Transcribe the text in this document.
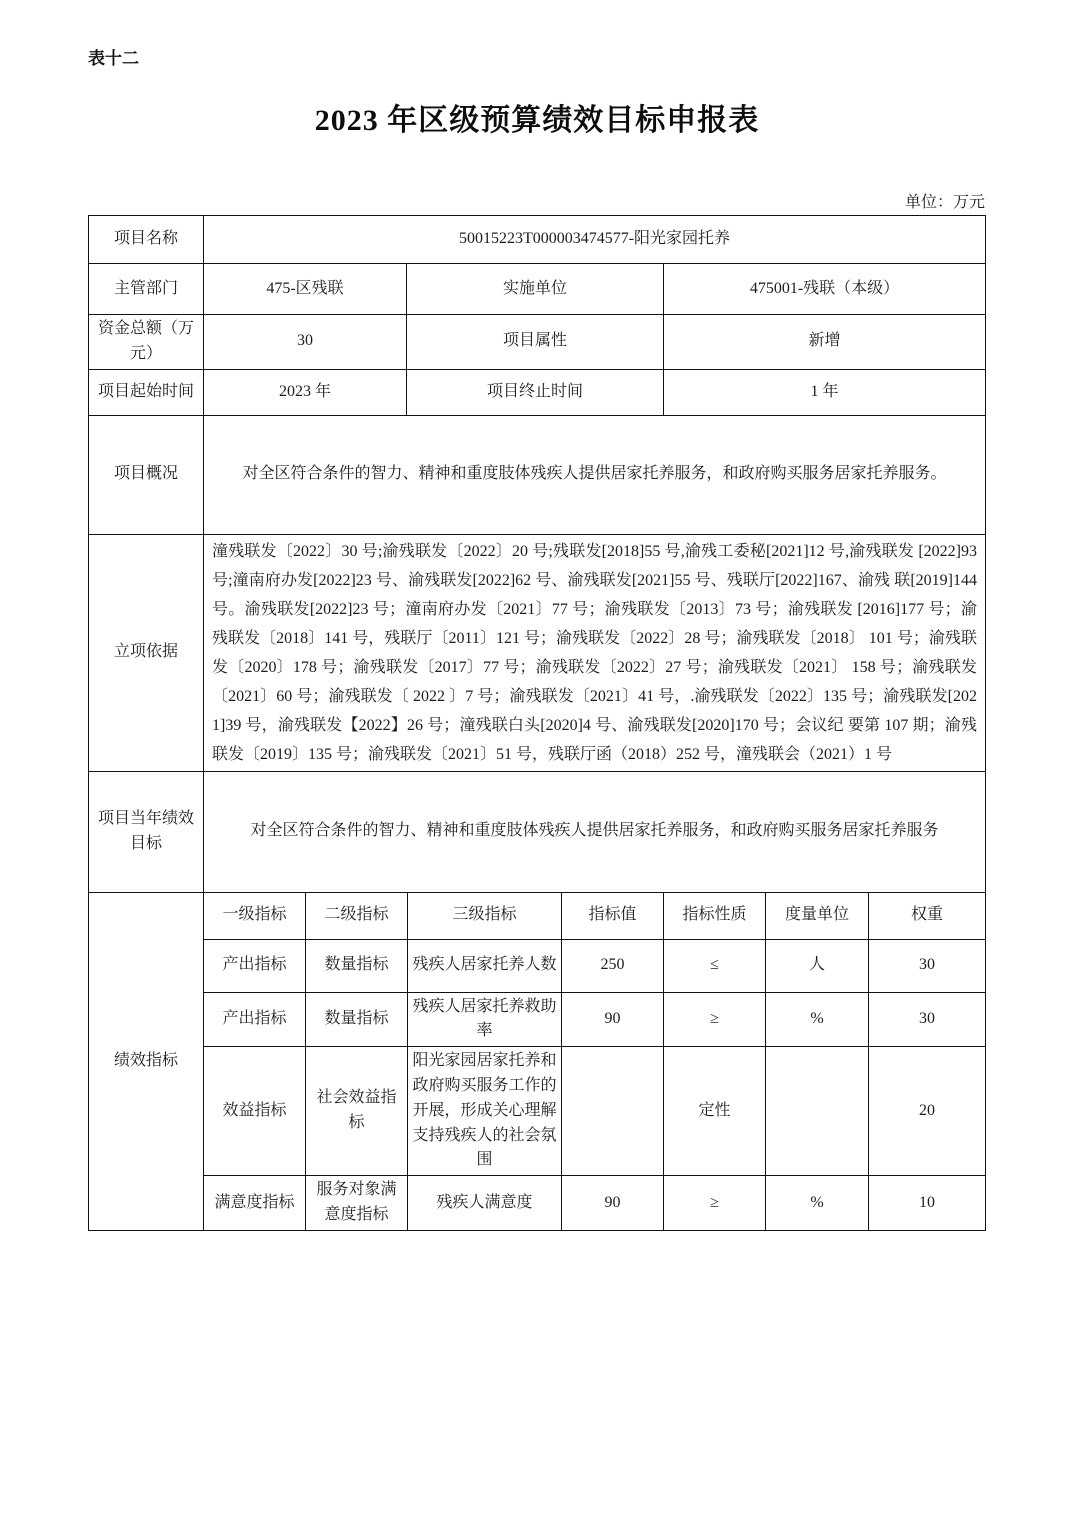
表十二
2023 年区级预算绩效目标申报表
单位：万元
项目名称	50015223T000003474577-阳光家园托养		
主管部门	475-区残联	实施单位	475001-残联（本级）
资金总额（万元）	30	项目属性	新增
项目起始时间	2023 年	项目终止时间	1 年
项目概况	对全区符合条件的智力、精神和重度肢体残疾人提供居家托养服务，和政府购买服务居家托养服务。		
立项依据	潼残联发〔2022〕30 号;渝残联发〔2022〕20 号;残联发[2018]55 号,渝残工委秘[2021]12 号,渝残联发 [2022]93 号;潼南府办发[2022]23 号、渝残联发[2022]62 号、渝残联发[2021]55 号、残联厅[2022]167、渝残 联[2019]144 号。渝残联发[2022]23 号；潼南府办发〔2021〕77 号；渝残联发〔2013〕73 号；渝残联发 [2016]177 号；渝残联发〔2018〕141 号，残联厅〔2011〕121 号；渝残联发〔2022〕28 号；渝残联发〔2018〕 101 号；渝残联发〔2020〕178 号；渝残联发〔2017〕77 号；渝残联发〔2022〕27 号；渝残联发〔2021〕 158 号；渝残联发〔2021〕60 号；渝残联发〔 2022 〕7 号；渝残联发〔2021〕41 号，.渝残联发〔2022〕135 号；渝残联发[2021]39 号，渝残联发【2022】26 号；潼残联白头[2020]4 号、渝残联发[2020]170 号；会议纪 要第 107 期；渝残联发〔2019〕135 号；渝残联发〔2021〕51 号，残联厅函（2018）252 号，潼残联会（2021）1 号		
项目当年绩效目标	对全区符合条件的智力、精神和重度肢体残疾人提供居家托养服务，和政府购买服务居家托养服务		
绩效指标	一级指标	二级指标	三级指标	指标值	指标性质	度量单位	权重
	产出指标	数量指标	残疾人居家托养人数	250	≤	人	30
	产出指标	数量指标	残疾人居家托养救助率	90	≥	%	30
	效益指标	社会效益指标	阳光家园居家托养和政府购买服务工作的开展，形成关心理解支持残疾人的社会氛围		定性		20
	满意度指标	服务对象满意度指标	残疾人满意度	90	≥	%	10
